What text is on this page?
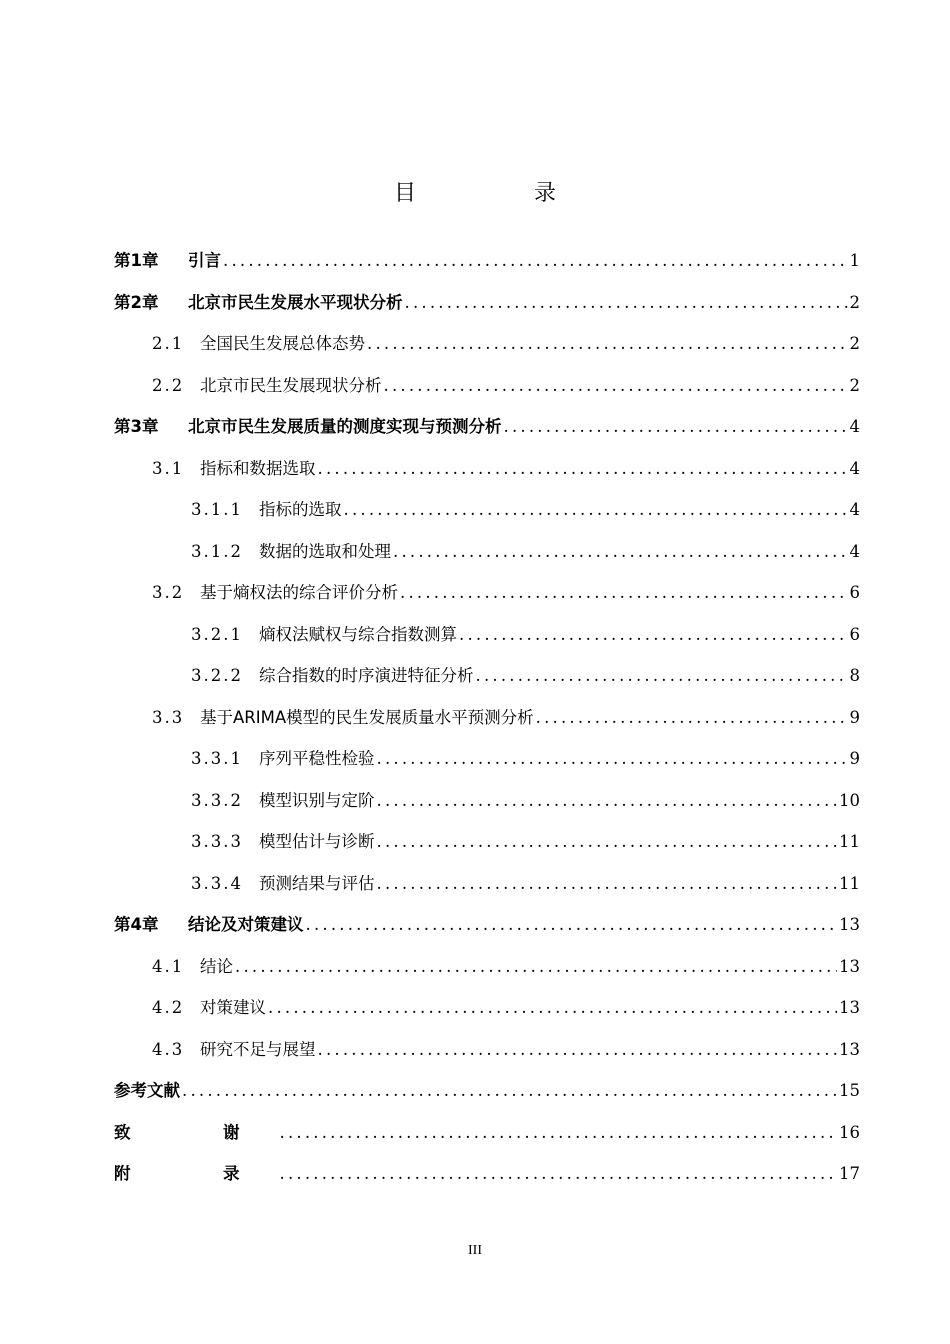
目　录
第1章	引言 .....	1
第2章	北京市民生发展水平现状分析 .....	2
2.1 全国民生发展总体态势 .....	2
2.2 北京市民生发展现状分析 .....	2
第3章	北京市民生发展质量的测度实现与预测分析 .....	4
3.1 指标和数据选取 .....	4
3.1.1 指标的选取 .....	4
3.1.2 数据的选取和处理 .....	4
3.2 基于熵权法的综合评价分析 .....	6
3.2.1 熵权法赋权与综合指数测算 .....	6
3.2.2 综合指数的时序演进特征分析 .....	8
3.3 基于ARIMA模型的民生发展质量水平预测分析 .....	9
3.3.1 序列平稳性检验 .....	9
3.3.2 模型识别与定阶 .....	10
3.3.3 模型估计与诊断 .....	11
3.3.4 预测结果与评估 .....	11
第4章	结论及对策建议 .....	13
4.1 结论 .....	13
4.2 对策建议 .....	13
4.3 研究不足与展望 .....	13
参考文献 .....	15
致　谢 .....	16
附　录 .....	17
III
